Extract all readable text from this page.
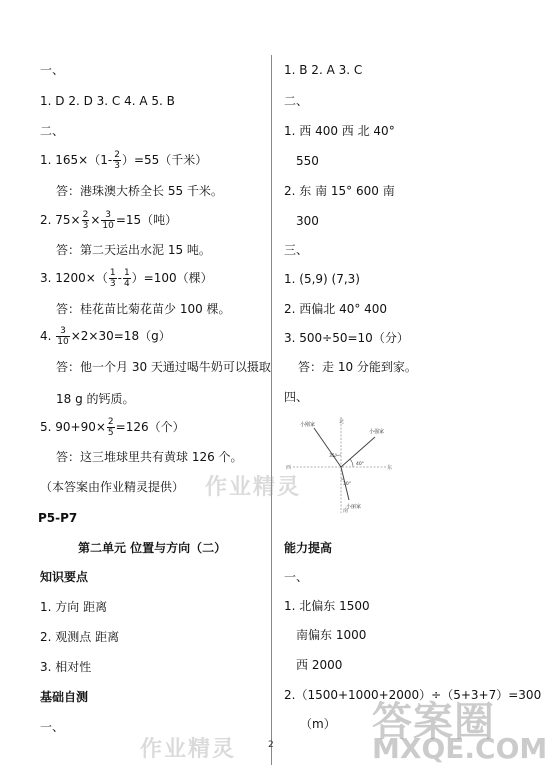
一、
1. D 2. D 3. C 4. A 5. B
二、
1. $165\times(1- \frac{2}{3} )=55$（千米）
答：港珠澳大桥全长 55 千米。
2. $75\times \frac{2}{3} \times \frac{3}{10} =15$（吨）
答：第二天运出水泥 15 吨。
3. $1200\times( \frac{1}{3} - \frac{1}{4} )=100$（棵）
答：桂花苗比菊花苗少 100 棵。
4. $\frac{3}{10} \times 2\times 30=18(g)$
答：他一个月 30 天通过喝牛奶可以摄取
18 g 的钙质。
5. $90+90\times \frac{2}{5} =126$（个）
答：这三堆球里共有黄球 126 个。
（本答案由作业精灵提供）
P5-P7
第二单元 位置与方向（二）
知识要点
1. 方向 距离
2. 观测点 距离
3. 相对性
基础自测
一、
1. B 2. A 3. C
二、
1. 西 400 西 北 40°
550
2. 东 南 15° 600 南
300
三、
1. (5,9) (7,3)
2. 西偏北 40° 400
3. 500÷50=10（分）
答：走 10 分能到家。
四、
北
南
西	东
小刚家
小强家
小丽家
35°
40°
30°
能力提高
一、
1. 北偏东 1500
南偏东 1000
西 2000
2.（1500+1000+2000）÷（5+3+7）=300
（m）
2
作业精灵
作业精灵
答案圈
MXQE.COM
